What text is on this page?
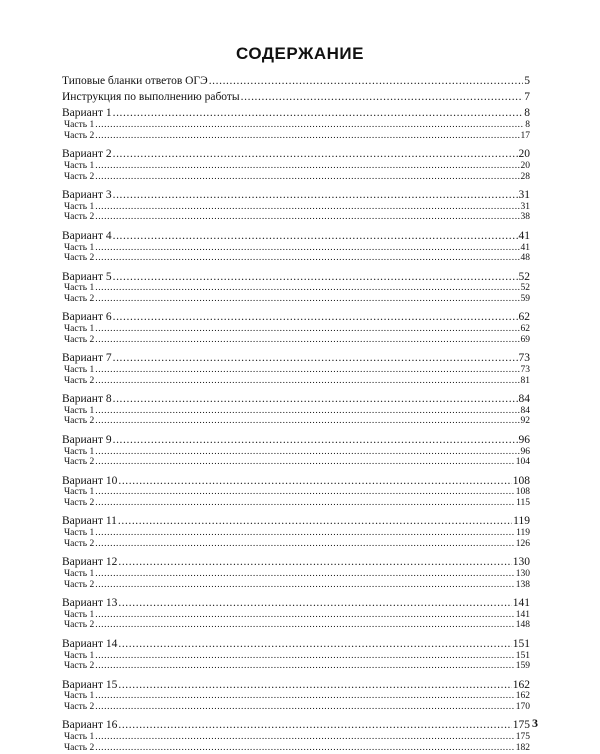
СОДЕРЖАНИЕ
Типовые бланки ответов ОГЭ .....	5
Инструкция по выполнению работы .....	7
Вариант 1 .....	8
Часть 1 .....	8
Часть 2 .....	17
Вариант 2 .....	20
Часть 1 .....	20
Часть 2 .....	28
Вариант 3 .....	31
Часть 1 .....	31
Часть 2 .....	38
Вариант 4 .....	41
Часть 1 .....	41
Часть 2 .....	48
Вариант 5 .....	52
Часть 1 .....	52
Часть 2 .....	59
Вариант 6 .....	62
Часть 1 .....	62
Часть 2 .....	69
Вариант 7 .....	73
Часть 1 .....	73
Часть 2 .....	81
Вариант 8 .....	84
Часть 1 .....	84
Часть 2 .....	92
Вариант 9 .....	96
Часть 1 .....	96
Часть 2 .....	104
Вариант 10 .....	108
Часть 1 .....	108
Часть 2 .....	115
Вариант 11 .....	119
Часть 1 .....	119
Часть 2 .....	126
Вариант 12 .....	130
Часть 1 .....	130
Часть 2 .....	138
Вариант 13 .....	141
Часть 1 .....	141
Часть 2 .....	148
Вариант 14 .....	151
Часть 1 .....	151
Часть 2 .....	159
Вариант 15 .....	162
Часть 1 .....	162
Часть 2 .....	170
Вариант 16 .....	175
Часть 1 .....	175
Часть 2 .....	182
3
